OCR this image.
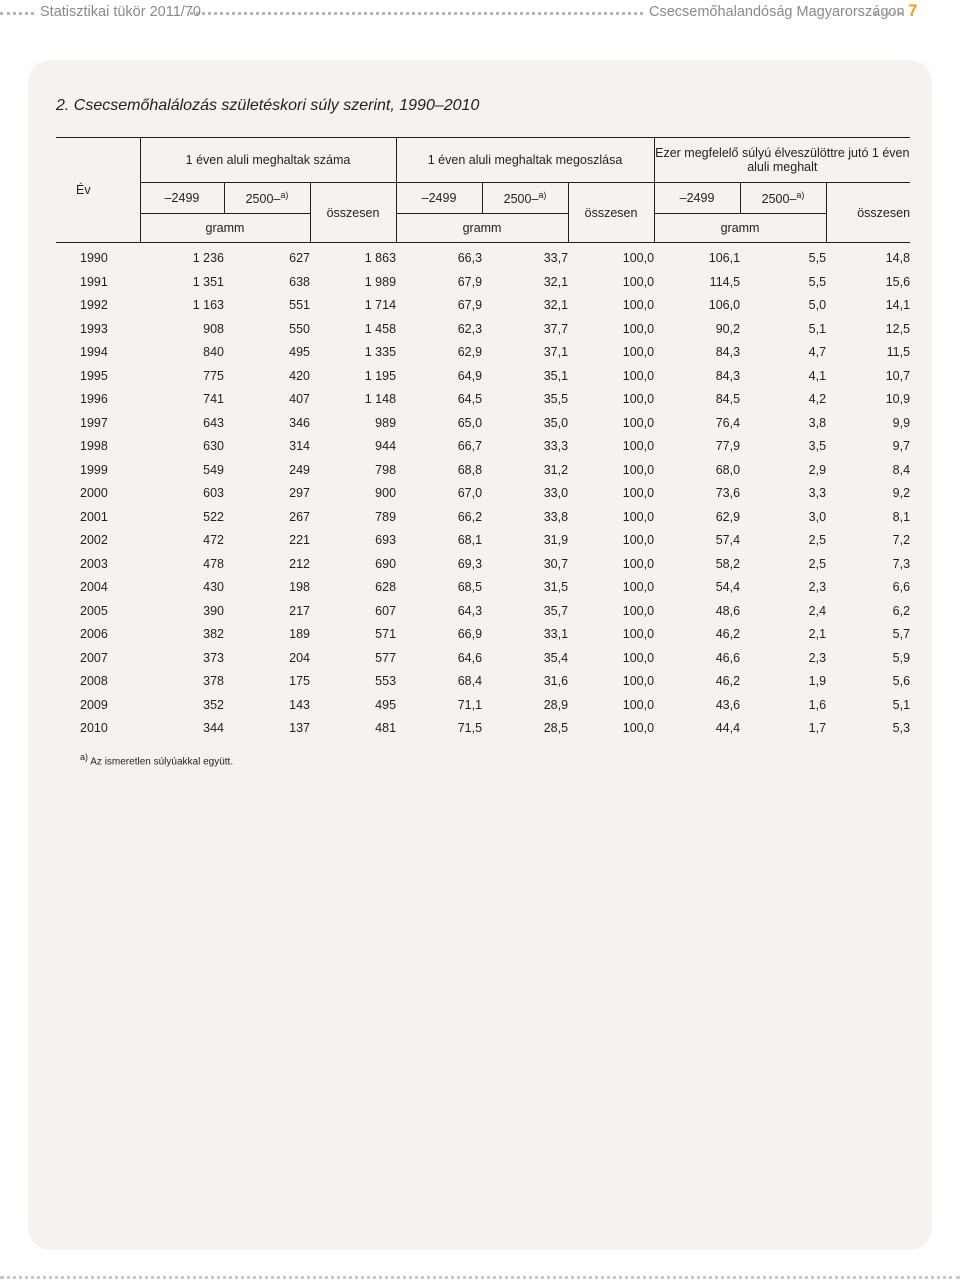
Statisztikai tükör 2011/70	Csecsemőhalandóság Magyarországon 7
2. Csecsemőhalálozás születéskori súly szerint, 1990–2010
Év	1 éven aluli meghaltak száma			1 éven aluli meghaltak megoszlása			Ezer megfelelő súlyú élveszülöttre jutó 1 éven aluli meghalt		
	–2499	2500–$^{a)}$	összesen	–2499	2500–$^{a)}$	összesen	–2499	2500–$^{a)}$	összesen
	gramm			gramm			gramm		
1990	1 236	627	1 863	66,3	33,7	100,0	106,1	5,5	14,8
1991	1 351	638	1 989	67,9	32,1	100,0	114,5	5,5	15,6
1992	1 163	551	1 714	67,9	32,1	100,0	106,0	5,0	14,1
1993	908	550	1 458	62,3	37,7	100,0	90,2	5,1	12,5
1994	840	495	1 335	62,9	37,1	100,0	84,3	4,7	11,5
1995	775	420	1 195	64,9	35,1	100,0	84,3	4,1	10,7
1996	741	407	1 148	64,5	35,5	100,0	84,5	4,2	10,9
1997	643	346	989	65,0	35,0	100,0	76,4	3,8	9,9
1998	630	314	944	66,7	33,3	100,0	77,9	3,5	9,7
1999	549	249	798	68,8	31,2	100,0	68,0	2,9	8,4
2000	603	297	900	67,0	33,0	100,0	73,6	3,3	9,2
2001	522	267	789	66,2	33,8	100,0	62,9	3,0	8,1
2002	472	221	693	68,1	31,9	100,0	57,4	2,5	7,2
2003	478	212	690	69,3	30,7	100,0	58,2	2,5	7,3
2004	430	198	628	68,5	31,5	100,0	54,4	2,3	6,6
2005	390	217	607	64,3	35,7	100,0	48,6	2,4	6,2
2006	382	189	571	66,9	33,1	100,0	46,2	2,1	5,7
2007	373	204	577	64,6	35,4	100,0	46,6	2,3	5,9
2008	378	175	553	68,4	31,6	100,0	46,2	1,9	5,6
2009	352	143	495	71,1	28,9	100,0	43,6	1,6	5,1
2010	344	137	481	71,5	28,5	100,0	44,4	1,7	5,3
a) Az ismeretlen súlyúakkal együtt.
